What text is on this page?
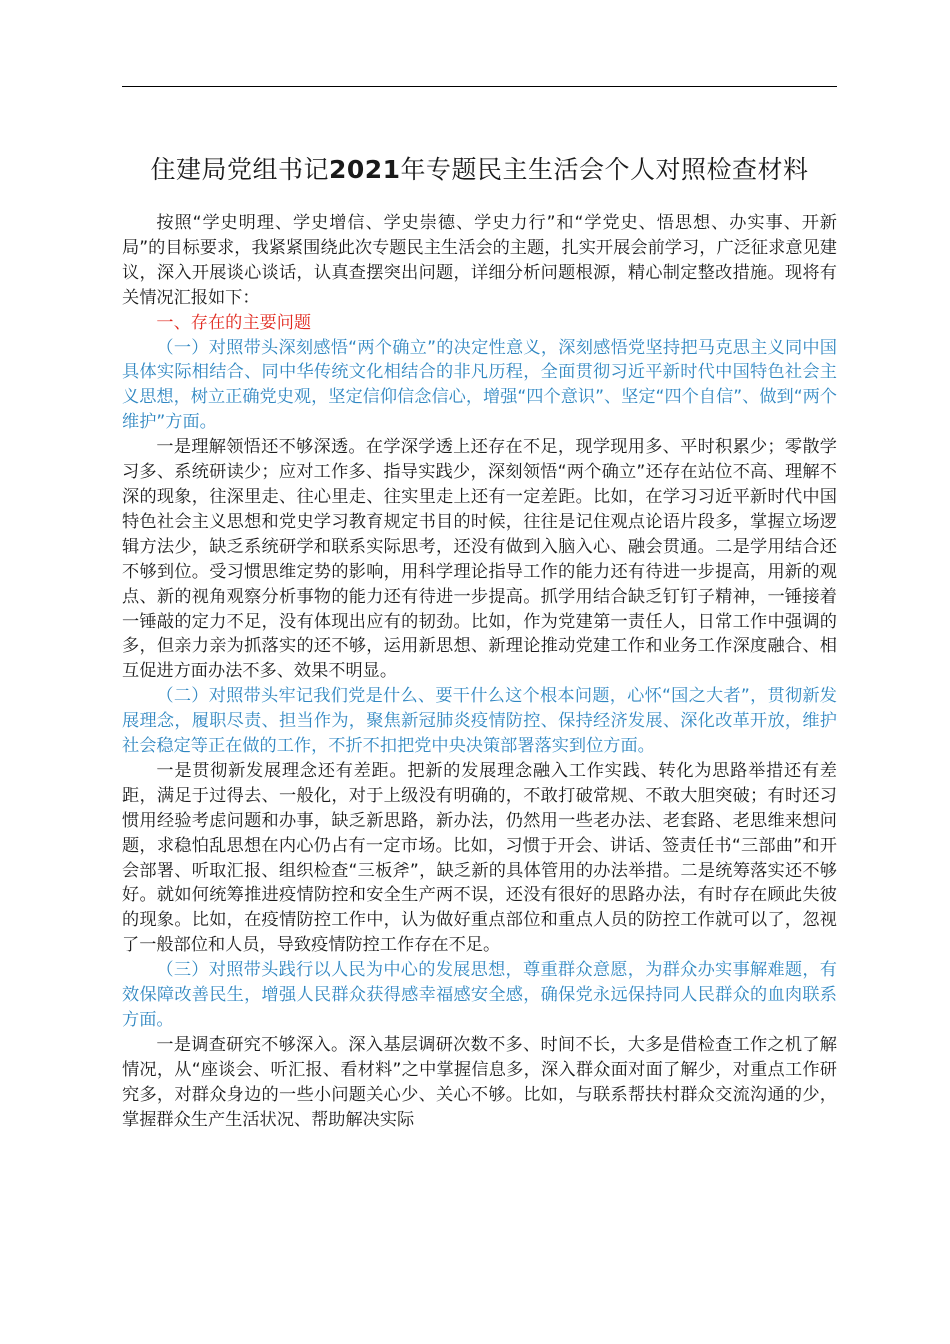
住建局党组书记2021年专题民主生活会个人对照检查材料

按照“学史明理、学史增信、学史崇德、学史力行”和“学党史、悟思想、办实事、开新局”的目标要求，我紧紧围绕此次专题民主生活会的主题，扎实开展会前学习，广泛征求意见建议，深入开展谈心谈话，认真查摆突出问题，详细分析问题根源，精心制定整改措施。现将有关情况汇报如下：

一、存在的主要问题

（一）对照带头深刻感悟“两个确立”的决定性意义，深刻感悟党坚持把马克思主义同中国具体实际相结合、同中华传统文化相结合的非凡历程，全面贯彻习近平新时代中国特色社会主义思想，树立正确党史观，坚定信仰信念信心，增强“四个意识”、坚定“四个自信”、做到“两个维护”方面。

一是理解领悟还不够深透。在学深学透上还存在不足，现学现用多、平时积累少；零散学习多、系统研读少；应对工作多、指导实践少，深刻领悟“两个确立”还存在站位不高、理解不深的现象，往深里走、往心里走、往实里走上还有一定差距。比如，在学习习近平新时代中国特色社会主义思想和党史学习教育规定书目的时候，往往是记住观点论语片段多，掌握立场逻辑方法少，缺乏系统研学和联系实际思考，还没有做到入脑入心、融会贯通。二是学用结合还不够到位。受习惯思维定势的影响，用科学理论指导工作的能力还有待进一步提高，用新的观点、新的视角观察分析事物的能力还有待进一步提高。抓学用结合缺乏钉钉子精神，一锤接着一锤敲的定力不足，没有体现出应有的韧劲。比如，作为党建第一责任人，日常工作中强调的多，但亲力亲为抓落实的还不够，运用新思想、新理论推动党建工作和业务工作深度融合、相互促进方面办法不多、效果不明显。

（二）对照带头牢记我们党是什么、要干什么这个根本问题，心怀“国之大者”，贯彻新发展理念，履职尽责、担当作为，聚焦新冠肺炎疫情防控、保持经济发展、深化改革开放，维护社会稳定等正在做的工作，不折不扣把党中央决策部署落实到位方面。

一是贯彻新发展理念还有差距。把新的发展理念融入工作实践、转化为思路举措还有差距，满足于过得去、一般化，对于上级没有明确的，不敢打破常规、不敢大胆突破；有时还习惯用经验考虑问题和办事，缺乏新思路，新办法，仍然用一些老办法、老套路、老思维来想问题，求稳怕乱思想在内心仍占有一定市场。比如，习惯于开会、讲话、签责任书“三部曲”和开会部署、听取汇报、组织检查“三板斧”，缺乏新的具体管用的办法举措。二是统筹落实还不够好。就如何统筹推进疫情防控和安全生产两不误，还没有很好的思路办法，有时存在顾此失彼的现象。比如，在疫情防控工作中，认为做好重点部位和重点人员的防控工作就可以了，忽视了一般部位和人员，导致疫情防控工作存在不足。

（三）对照带头践行以人民为中心的发展思想，尊重群众意愿，为群众办实事解难题，有效保障改善民生，增强人民群众获得感幸福感安全感，确保党永远保持同人民群众的血肉联系方面。

一是调查研究不够深入。深入基层调研次数不多、时间不长，大多是借检查工作之机了解情况，从“座谈会、听汇报、看材料”之中掌握信息多，深入群众面对面了解少，对重点工作研究多，对群众身边的一些小问题关心少、关心不够。比如，与联系帮扶村群众交流沟通的少，掌握群众生产生活状况、帮助解决实际
